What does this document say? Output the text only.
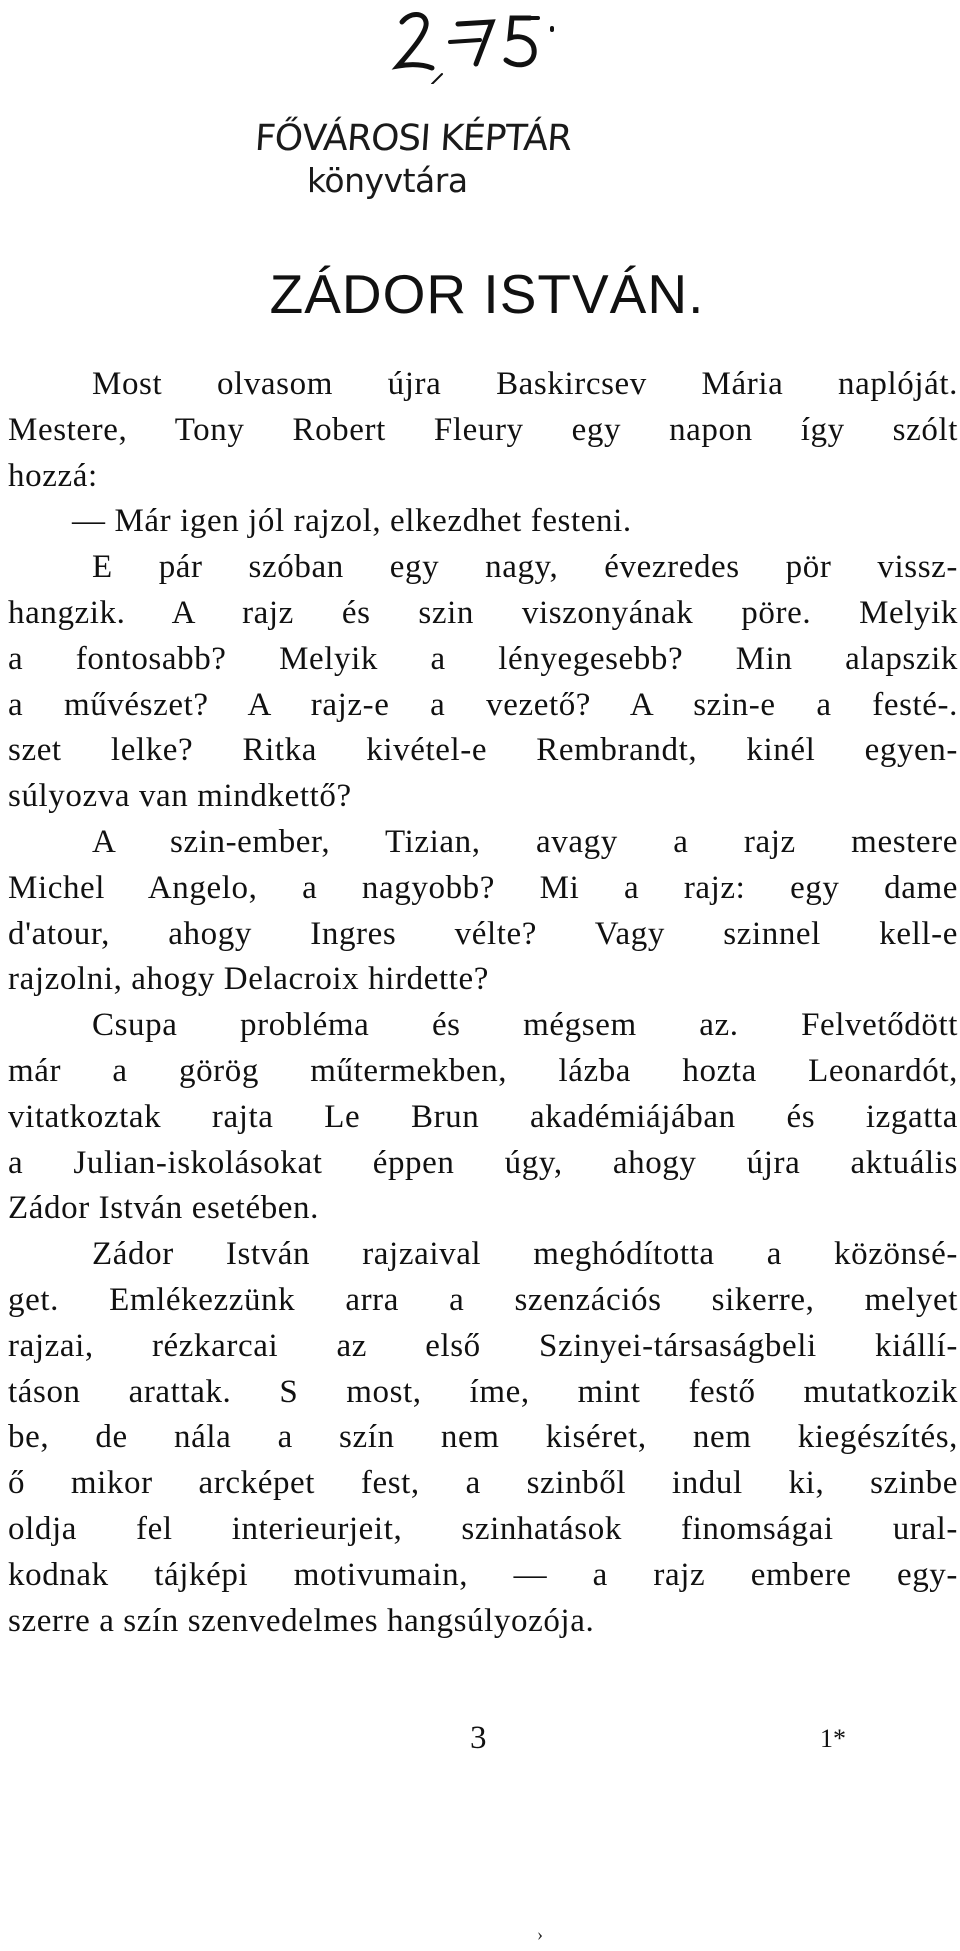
FŐVÁROSI KÉPTÁR
könyvtára
ZÁDOR ISTVÁN.
Most olvasom újra Baskircsev Mária naplóját.
Mestere, Tony Robert Fleury egy napon így szólt
hozzá:
— Már igen jól rajzol, elkezdhet festeni.
E pár szóban egy nagy, évezredes pör vissz-
hangzik. A rajz és szin viszonyának pöre. Melyik
a fontosabb? Melyik a lényegesebb? Min alapszik
a művészet? A rajz-e a vezető? A szin-e a festé-.
szet lelke? Ritka kivétel-e Rembrandt, kinél egyen-
súlyozva van mindkettő?
A szin-ember, Tizian, avagy a rajz mestere
Michel Angelo, a nagyobb? Mi a rajz: egy dame
d'atour, ahogy Ingres vélte? Vagy szinnel kell-e
rajzolni, ahogy Delacroix hirdette?
Csupa probléma és mégsem az. Felvetődött
már a görög műtermekben, lázba hozta Leonardót,
vitatkoztak rajta Le Brun akadémiájában és izgatta
a Julian-iskolásokat éppen úgy, ahogy újra aktuális
Zádor István esetében.
Zádor István rajzaival meghódította a közönsé-
get. Emlékezzünk arra a szenzációs sikerre, melyet
rajzai, rézkarcai az első Szinyei-társaságbeli kiállí-
táson arattak. S most, íme, mint festő mutatkozik
be, de nála a szín nem kiséret, nem kiegészítés,
ő mikor arcképet fest, a szinből indul ki, szinbe
oldja fel interieurjeit, szinhatások finomságai ural-
kodnak tájképi motivumain, — a rajz embere egy-
szerre a szín szenvedelmes hangsúlyozója.
3	1*
›
